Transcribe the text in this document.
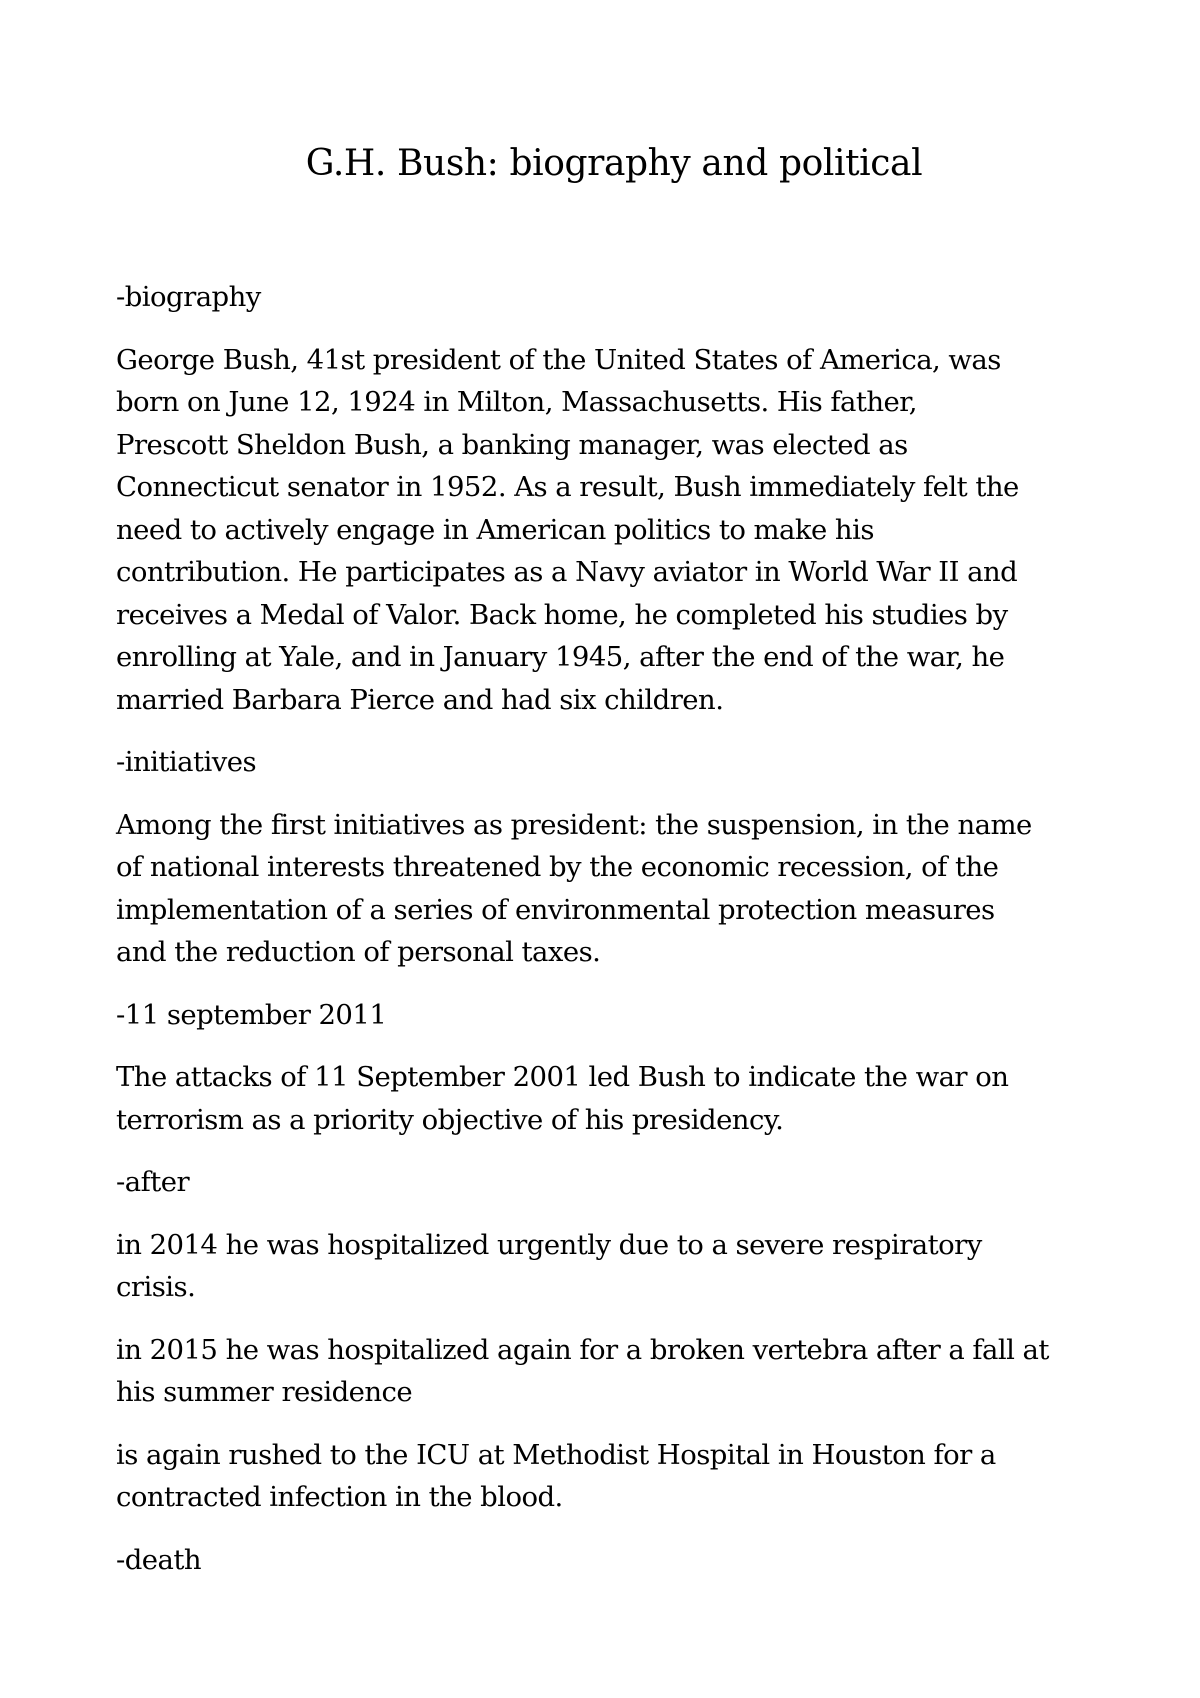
G.H. Bush: biography and political

-biography

George Bush, 41st president of the United States of America, was
born on June 12, 1924 in Milton, Massachusetts. His father,
Prescott Sheldon Bush, a banking manager, was elected as
Connecticut senator in 1952. As a result, Bush immediately felt the
need to actively engage in American politics to make his
contribution. He participates as a Navy aviator in World War II and
receives a Medal of Valor. Back home, he completed his studies by
enrolling at Yale, and in January 1945, after the end of the war, he
married Barbara Pierce and had six children.

-initiatives

Among the first initiatives as president: the suspension, in the name
of national interests threatened by the economic recession, of the
implementation of a series of environmental protection measures
and the reduction of personal taxes.

-11 september 2011

The attacks of 11 September 2001 led Bush to indicate the war on
terrorism as a priority objective of his presidency.

-after

in 2014 he was hospitalized urgently due to a severe respiratory
crisis.

in 2015 he was hospitalized again for a broken vertebra after a fall at
his summer residence

is again rushed to the ICU at Methodist Hospital in Houston for a
contracted infection in the blood.

-death
